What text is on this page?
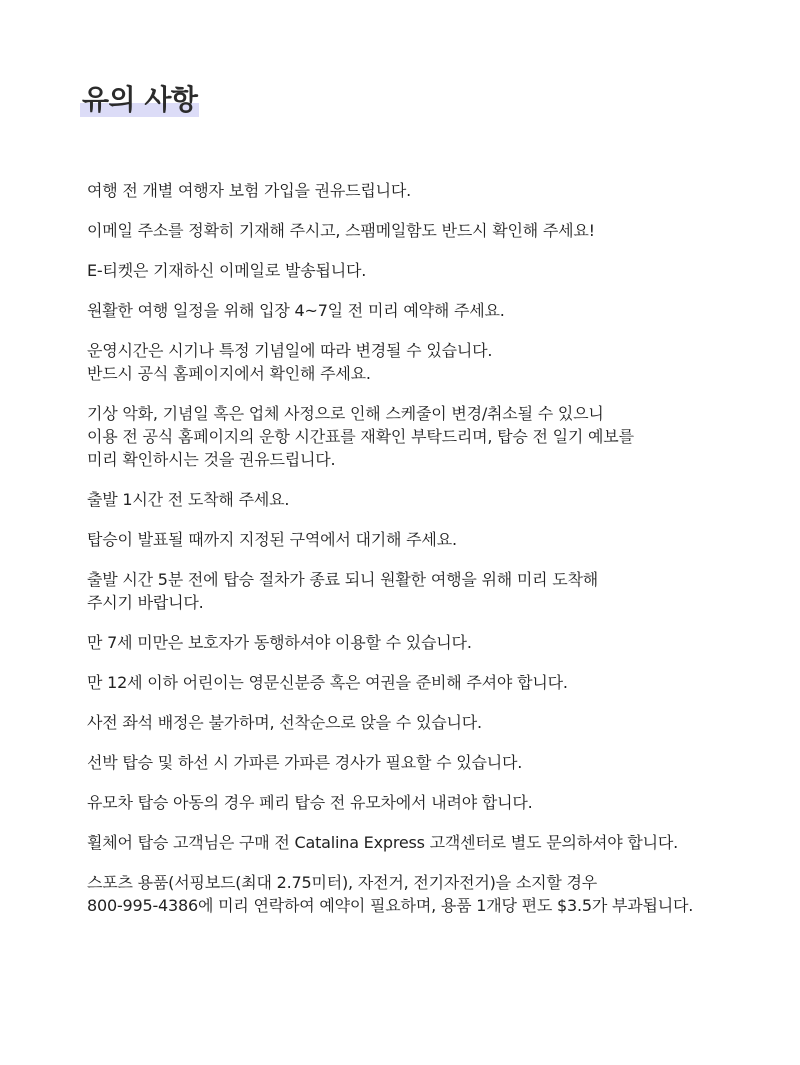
유의 사항
여행 전 개별 여행자 보험 가입을 권유드립니다.
이메일 주소를 정확히 기재해 주시고, 스팸메일함도 반드시 확인해 주세요!
E-티켓은 기재하신 이메일로 발송됩니다.
원활한 여행 일정을 위해 입장 4~7일 전 미리 예약해 주세요.
운영시간은 시기나 특정 기념일에 따라 변경될 수 있습니다.
반드시 공식 홈페이지에서 확인해 주세요.
기상 악화, 기념일 혹은 업체 사정으로 인해 스케줄이 변경/취소될 수 있으니
이용 전 공식 홈페이지의 운항 시간표를 재확인 부탁드리며, 탑승 전 일기 예보를
미리 확인하시는 것을 권유드립니다.
출발 1시간 전 도착해 주세요.
탑승이 발표될 때까지 지정된 구역에서 대기해 주세요.
출발 시간 5분 전에 탑승 절차가 종료 되니 원활한 여행을 위해 미리 도착해
주시기 바랍니다.
만 7세 미만은 보호자가 동행하셔야 이용할 수 있습니다.
만 12세 이하 어린이는 영문신분증 혹은 여권을 준비해 주셔야 합니다.
사전 좌석 배정은 불가하며, 선착순으로 앉을 수 있습니다.
선박 탑승 및 하선 시 가파른 가파른 경사가 필요할 수 있습니다.
유모차 탑승 아동의 경우 페리 탑승 전 유모차에서 내려야 합니다.
휠체어 탑승 고객님은 구매 전 Catalina Express 고객센터로 별도 문의하셔야 합니다.
스포츠 용품(서핑보드(최대 2.75미터), 자전거, 전기자전거)을 소지할 경우
800-995-4386에 미리 연락하여 예약이 필요하며, 용품 1개당 편도 $3.5가 부과됩니다.
